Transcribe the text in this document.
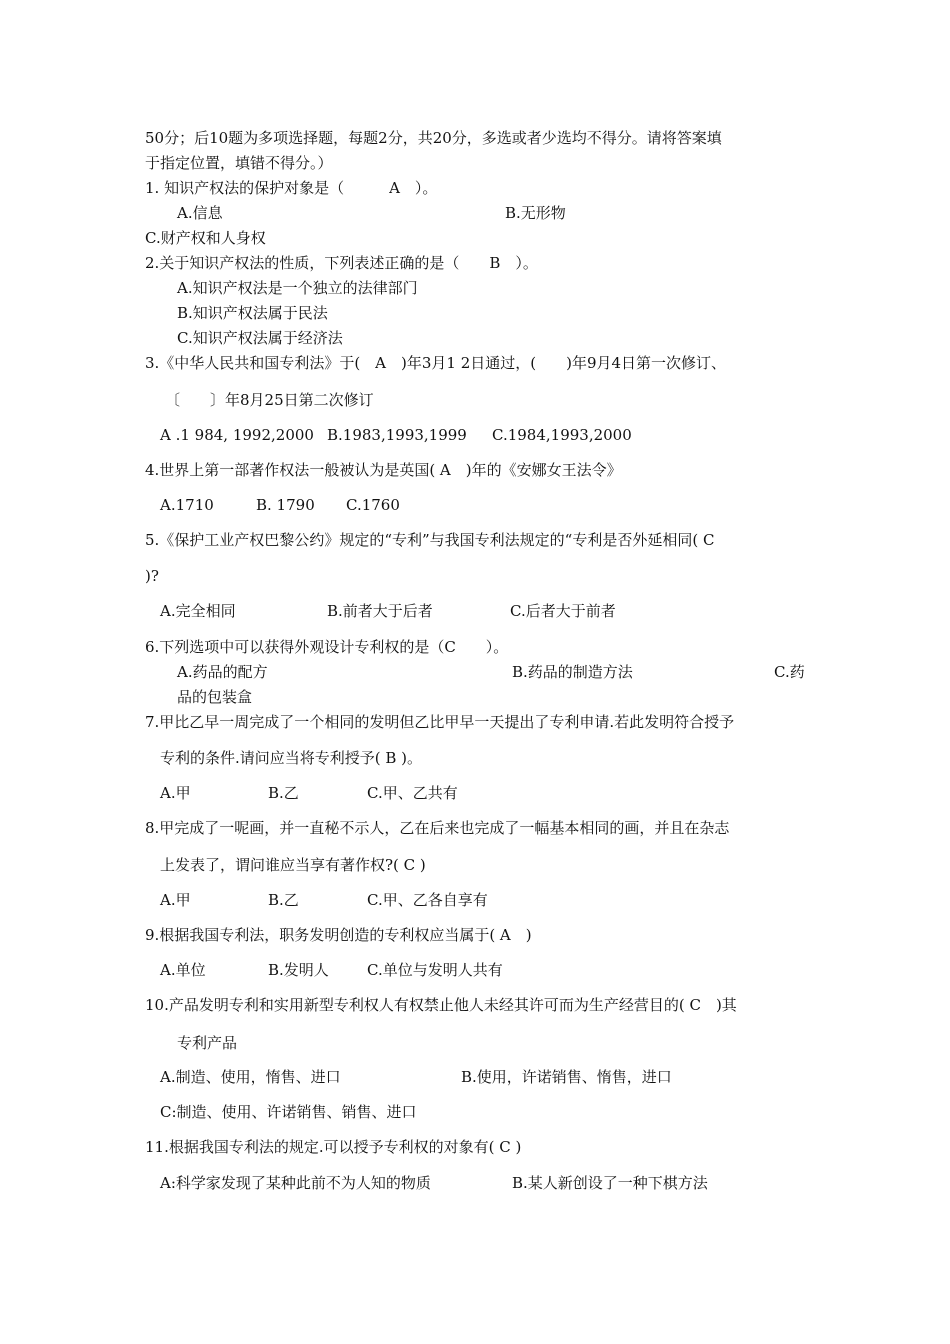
50分；后10题为多项选择题，每题2分，共20分，多选或者少选均不得分。请将答案填
于指定位置，填错不得分。）
1. 知识产权法的保护对象是（　　　A　）。
A.信息	B.无形物
C.财产权和人身权
2.关于知识产权法的性质，下列表述正确的是（　　B　）。
A.知识产权法是一个独立的法律部门
B.知识产权法属于民法
C.知识产权法属于经济法
3.《中华人民共和国专利法》于(　A　)年3月1 2日通过，(　　)年9月4日第一次修订、
〔　　〕年8月25日第二次修订
A .1 984, 1992,2000 B.1983,1993,1999 C.1984,1993,2000
4.世界上第一部著作权法一般被认为是英国( A　)年的《安娜女王法令》
A.1710	B. 1790 C.1760
5.《保护工业产权巴黎公约》规定的“专利”与我国专利法规定的“专利是否外延相同( C
)?
A.完全相同	B.前者大于后者	C.后者大于前者
6.下列选项中可以获得外观设计专利权的是（C　　）。
A.药品的配方	B.药品的制造方法	C.药
品的包装盒
7.甲比乙早一周完成了一个相同的发明但乙比甲早一天提出了专利申请.若此发明符合授予
专利的条件.请问应当将专利授予( B )。
A.甲	B.乙	C.甲、乙共有
8.甲完成了一呢画，并一直秘不示人，乙在后来也完成了一幅基本相同的画，并且在杂志
上发表了，谓问谁应当享有著作权?( C )
A.甲	B.乙	C.甲、乙各自享有
9.根据我国专利法，职务发明创造的专利权应当属于( A　)
A.单位	B.发明人	C.单位与发明人共有
10.产品发明专利和实用新型专利权人有权禁止他人未经其许可而为生产经营目的( C　)其
专利产品
A.制造、使用，惰售、进口	B.使用，许诺销售、惰售，进口
C:制造、使用、许诺销售、销售、进口
11.根据我国专利法的规定.可以授予专利权的对象有( C )
A:科学家发现了某种此前不为人知的物质	B.某人新创设了一种下棋方法
